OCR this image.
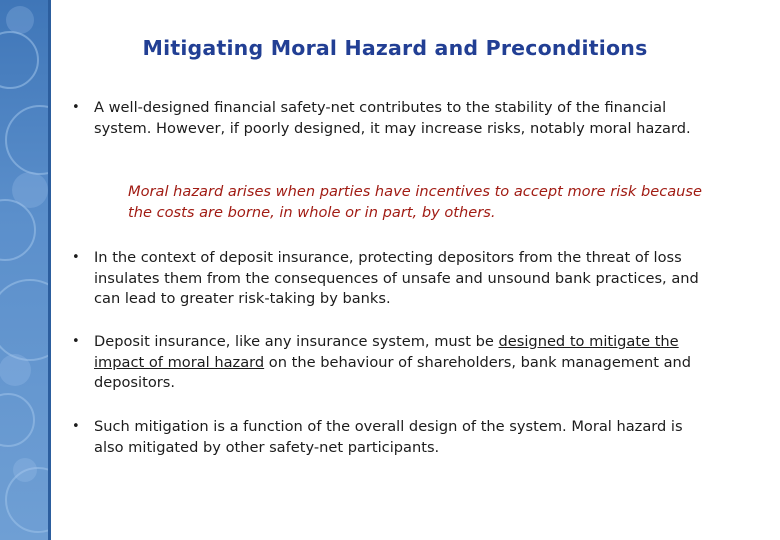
Mitigating Moral Hazard and Preconditions
• A well-designed financial safety-net contributes to the stability of the financial system. However, if poorly designed, it may increase risks, notably moral hazard.
Moral hazard arises when parties have incentives to accept more risk because the costs are borne, in whole or in part, by others.
• In the context of deposit insurance, protecting depositors from the threat of loss insulates them from the consequences of unsafe and unsound bank practices, and can lead to greater risk-taking by banks.
• Deposit insurance, like any insurance system, must be designed to mitigate the impact of moral hazard on the behaviour of shareholders, bank management and depositors.
• Such mitigation is a function of the overall design of the system. Moral hazard is also mitigated by other safety-net participants.
